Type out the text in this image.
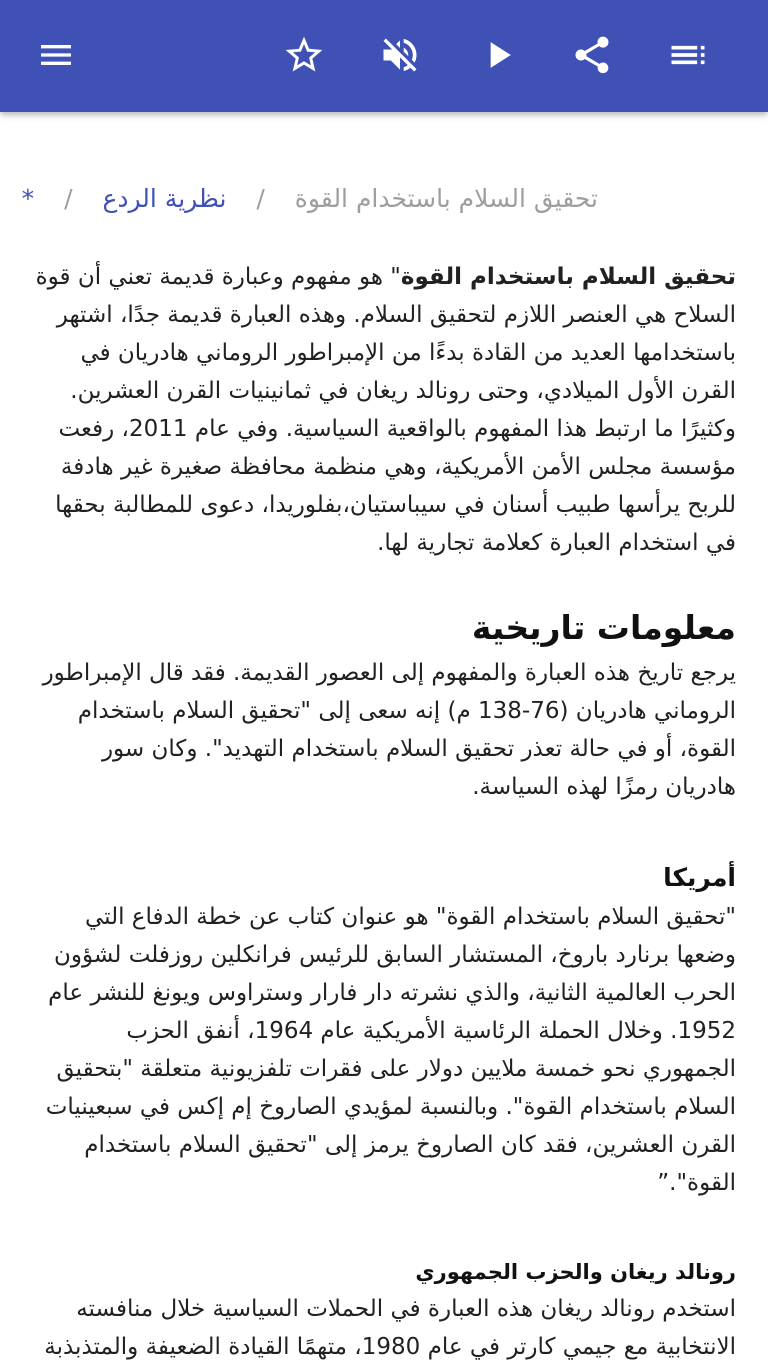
تحقيق السلام باستخدام القوة / نظرية الردع / *

تحقيق السلام باستخدام القوة" هو مفهوم وعبارة قديمة تعني أن قوة السلاح هي العنصر اللازم لتحقيق السلام. وهذه العبارة قديمة جدًا، اشتهر باستخدامها العديد من القادة بدءًا من الإمبراطور الروماني هادريان في القرن الأول الميلادي، وحتى رونالد ريغان في ثمانينيات القرن العشرين. وكثيرًا ما ارتبط هذا المفهوم بالواقعية السياسية. وفي عام 2011، رفعت مؤسسة مجلس الأمن الأمريكية، وهي منظمة محافظة صغيرة غير هادفة للربح يرأسها طبيب أسنان في سيباستيان،بفلوريدا، دعوى للمطالبة بحقها في استخدام العبارة كعلامة تجارية لها.

معلومات تاريخية

يرجع تاريخ هذه العبارة والمفهوم إلى العصور القديمة. فقد قال الإمبراطور الروماني هادريان (76-138 م) إنه سعى إلى "تحقيق السلام باستخدام القوة، أو في حالة تعذر تحقيق السلام باستخدام التهديد". وكان سور هادريان رمزًا لهذه السياسة.

أمريكا

"تحقيق السلام باستخدام القوة" هو عنوان كتاب عن خطة الدفاع التي وضعها برنارد باروخ، المستشار السابق للرئيس فرانكلين روزفلت لشؤون الحرب العالمية الثانية، والذي نشرته دار فارار وستراوس ويونغ للنشر عام 1952. وخلال الحملة الرئاسية الأمريكية عام 1964، أنفق الحزب الجمهوري نحو خمسة ملايين دولار على فقرات تلفزيونية متعلقة "بتحقيق السلام باستخدام القوة". وبالنسبة لمؤيدي الصاروخ إم إكس في سبعينيات القرن العشرين، فقد كان الصاروخ يرمز إلى "تحقيق السلام باستخدام القوة".”

رونالد ريغان والحزب الجمهوري

استخدم رونالد ريغان هذه العبارة في الحملات السياسية خلال منافسته الانتخابية مع جيمي كارتر في عام 1980، متهمًا القيادة الضعيفة والمتذبذبة
